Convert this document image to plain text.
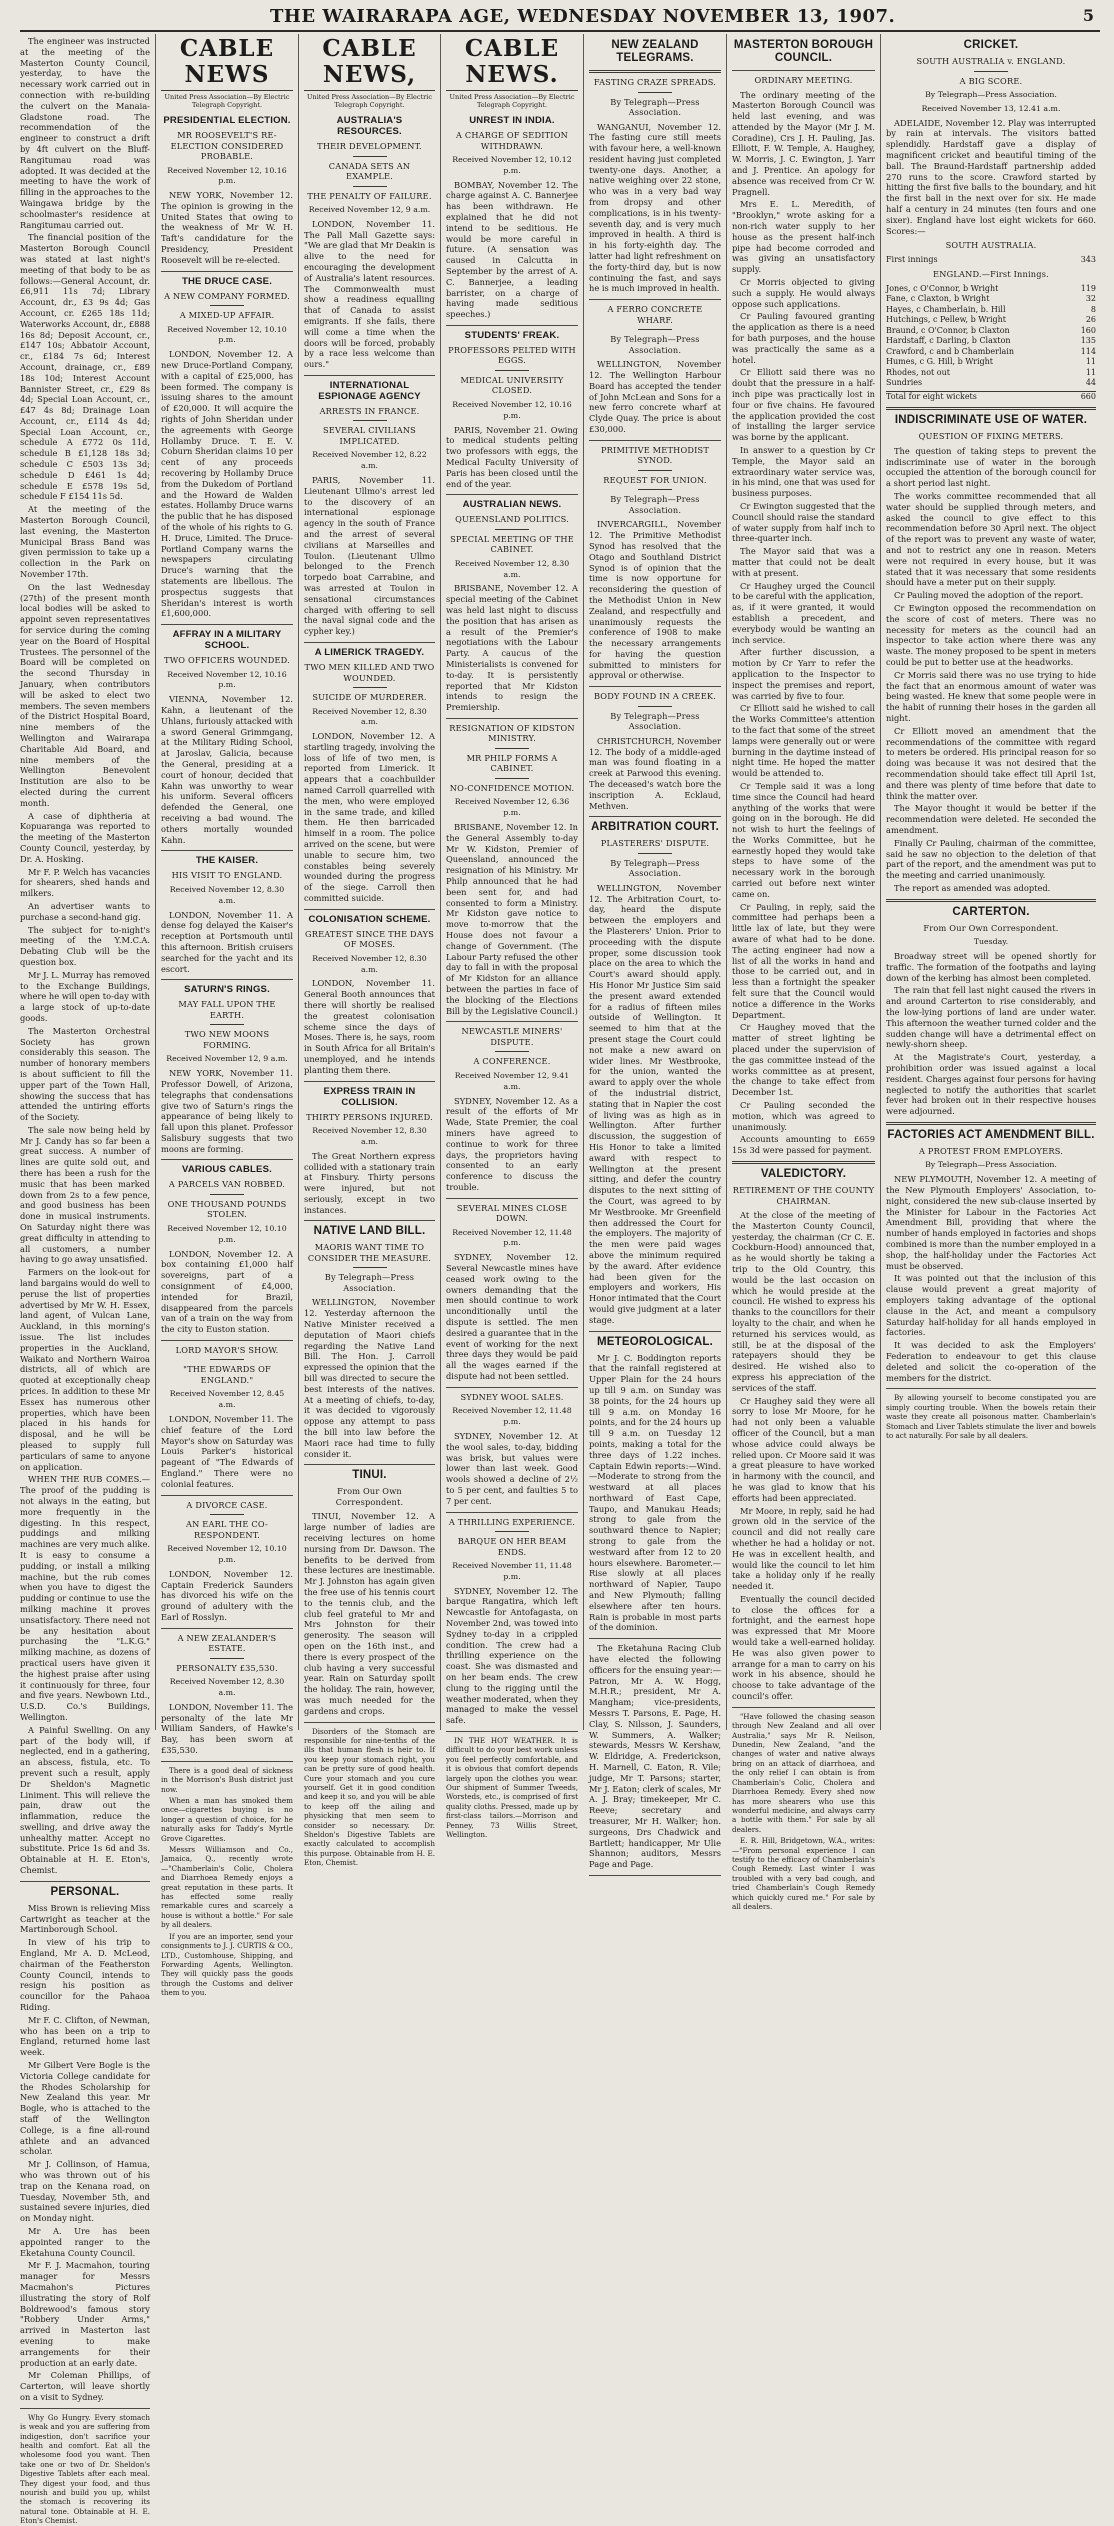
THE WAIRARAPA AGE, WEDNESDAY NOVEMBER 13, 1907.	5

The engineer was instructed at the meeting of the Masterton County Council, yesterday, to have the necessary work carried out in connection with re-building the culvert on the Manaia-Gladstone road. The recommendation of the engineer to construct a drift by 4ft culvert on the Bluff-Rangitumau road was adopted. It was decided at the meeting to have the work of filling in the approaches to the Waingawa bridge by the schoolmaster's residence at Rangitumau carried out.

The financial position of the Masterton Borough Council was stated at last night's meeting of that body to be as follows:—General Account, dr. £6,911 11s 7d; Library Account, dr., £3 9s 4d; Gas Account, cr. £265 18s 11d; Waterworks Account, dr., £888 16s 8d; Deposit Account, cr., £147 10s; Abbatoir Account, cr., £184 7s 6d; Interest Account, drainage, cr., £89 18s 10d; Interest Account Bannister Street, cr., £29 8s 4d; Special Loan Account, cr., £47 4s 8d; Drainage Loan Account, cr., £114 4s 4d; Special Loan Account, cr., schedule A £772 0s 11d, schedule B £1,128 18s 3d; schedule C £503 13s 3d; schedule D £461 1s 4d; schedule E £578 19s 5d, schedule F £154 11s 5d.

At the meeting of the Masterton Borough Council, last evening, the Masterton Municipal Brass Band was given permission to take up a collection in the Park on November 17th.

On the last Wednesday (27th) of the present month local bodies will be asked to appoint seven representatives for service during the coming year on the Board of Hospital Trustees. The personnel of the Board will be completed on the second Thursday in January, when contributors will be asked to elect two members. The seven members of the District Hospital Board, nine members of the Wellington and Wairarapa Charitable Aid Board, and nine members of the Wellington Benevolent Institution are also to be elected during the current month.

A case of diphtheria at Kopuaranga was reported to the meeting of the Masterton County Council, yesterday, by Dr. A. Hosking.

Mr F. P. Welch has vacancies for shearers, shed hands and milkers.

An advertiser wants to purchase a second-hand gig.

The subject for to-night's meeting of the Y.M.C.A. Debating Club will be the question box.

Mr J. L. Murray has removed to the Exchange Buildings, where he will open to-day with a large stock of up-to-date goods.

The Masterton Orchestral Society has grown considerably this season. The number of honorary members is about sufficient to fill the upper part of the Town Hall, showing the success that has attended the untiring efforts of the Society.

The sale now being held by Mr J. Candy has so far been a great success. A number of lines are quite sold out, and there has been a rush for the music that has been marked down from 2s to a few pence, and good business has been done in musical instruments. On Saturday night there was great difficulty in attending to all customers, a number having to go away unsatisfied.

Farmers on the look-out for land bargains would do well to peruse the list of properties advertised by Mr W. H. Essex, land agent, of Vulcan Lane, Auckland, in this morning's issue. The list includes properties in the Auckland, Waikato and Northern Wairoa districts, all of which are quoted at exceptionally cheap prices. In addition to these Mr Essex has numerous other properties, which have been placed in his hands for disposal, and he will be pleased to supply full particulars of same to anyone on application.

WHEN THE RUB COMES.—The proof of the pudding is not always in the eating, but more frequently in the digesting. In this respect, puddings and milking machines are very much alike. It is easy to consume a pudding, or install a milking machine, but the rub comes when you have to digest the pudding or continue to use the milking machine it proves unsatisfactory. There need not be any hesitation about purchasing the "L.K.G." milking machine, as dozens of practical users have given it the highest praise after using it continuously for three, four and five years. Newbown Ltd., U.S.D. Co.'s Buildings, Wellington.

A Painful Swelling. On any part of the body will, if neglected, end in a gathering, an abscess, fistula, etc. To prevent such a result, apply Dr Sheldon's Magnetic Liniment. This will relieve the pain, draw out the inflammation, reduce the swelling, and drive away the unhealthy matter. Accept no substitute. Price 1s 6d and 3s. Obtainable at H. E. Eton's, Chemist.

PERSONAL.

Miss Brown is relieving Miss Cartwright as teacher at the Martinborough School.

In view of his trip to England, Mr A. D. McLeod, chairman of the Featherston County Council, intends to resign his position as councillor for the Pahaoa Riding.

Mr F. C. Clifton, of Newman, who has been on a trip to England, returned home last week.

Mr Gilbert Vere Bogle is the Victoria College candidate for the Rhodes Scholarship for New Zealand this year. Mr Bogle, who is attached to the staff of the Wellington College, is a fine all-round athlete and an advanced scholar.

Mr J. Collinson, of Hamua, who was thrown out of his trap on the Kenana road, on Tuesday, November 5th, and sustained severe injuries, died on Monday night.

Mr A. Ure has been appointed ranger to the Eketahuna County Council.

Mr F. J. Macmahon, touring manager for Messrs Macmahon's Pictures illustrating the story of Rolf Boldrewood's famous story "Robbery Under Arms," arrived in Masterton last evening to make arrangements for their production at an early date.

Mr Coleman Phillips, of Carterton, will leave shortly on a visit to Sydney.

Why Go Hungry. Every stomach is weak and you are suffering from indigestion, don't sacrifice your health and comfort. Eat all the wholesome food you want. Then take one or two of Dr. Sheldon's Digestive Tablets after each meal. They digest your food, and thus nourish and build you up, whilst the stomach is recovering its natural tone. Obtainable at H. E. Eton's Chemist.

CABLE NEWS
United Press Association—By Electric Telegraph Copyright.
PRESIDENTIAL ELECTION.
MR ROOSEVELT'S RE-ELECTION CONSIDERED PROBABLE.
Received November 12, 10.16 p.m.

NEW YORK, November 12. The opinion is growing in the United States that owing to the weakness of Mr W. H. Taft's candidature for the Presidency, President Roosevelt will be re-elected.

THE DRUCE CASE.
A NEW COMPANY FORMED.
A MIXED-UP AFFAIR.
Received November 12, 10.10 p.m.

LONDON, November 12. A new Druce-Portland Company, with a capital of £25,000, has been formed. The company is issuing shares to the amount of £20,000. It will acquire the rights of John Sheridan under the agreements with George Hollamby Druce. T. E. V. Coburn Sheridan claims 10 per cent of any proceeds recovering by Hollamby Druce from the Dukedom of Portland and the Howard de Walden estates. Hollamby Druce warns the public that he has disposed of the whole of his rights to G. H. Druce, Limited. The Druce-Portland Company warns the newspapers circulating Druce's warning that the statements are libellous. The prospectus suggests that Sheridan's interest is worth £1,600,000.

AFFRAY IN A MILITARY SCHOOL.
TWO OFFICERS WOUNDED.
Received November 12, 10.16 p.m.

VIENNA, November 12. Kahn, a lieutenant of the Uhlans, furiously attacked with a sword General Grimmgang, at the Military Riding School, at Jaroslav, Galicia, because the General, presiding at a court of honour, decided that Kahn was unworthy to wear his uniform. Several officers defended the General, one receiving a bad wound. The others mortally wounded Kahn.

THE KAISER.
HIS VISIT TO ENGLAND.
Received November 12, 8.30 a.m.

LONDON, November 11. A dense fog delayed the Kaiser's reception at Portsmouth until this afternoon. British cruisers searched for the yacht and its escort.

SATURN'S RINGS.
MAY FALL UPON THE EARTH.
TWO NEW MOONS FORMING.
Received November 12, 9 a.m.

NEW YORK, November 11. Professor Dowell, of Arizona, telegraphs that condensations give two of Saturn's rings the appearance of being likely to fall upon this planet. Professor Salisbury suggests that two moons are forming.

VARIOUS CABLES.
A PARCELS VAN ROBBED.
ONE THOUSAND POUNDS STOLEN.
Received November 12, 10.10 p.m.

LONDON, November 12. A box containing £1,000 half sovereigns, part of a consignment of £4,000, intended for Brazil, disappeared from the parcels van of a train on the way from the city to Euston station.

LORD MAYOR'S SHOW.
"THE EDWARDS OF ENGLAND."
Received November 12, 8.45 a.m.

LONDON, November 11. The chief feature of the Lord Mayor's show on Saturday was Louis Parker's historical pageant of "The Edwards of England." There were no colonial features.

A DIVORCE CASE.
AN EARL THE CO-RESPONDENT.
Received November 12, 10.10 p.m.

LONDON, November 12. Captain Frederick Saunders has divorced his wife on the ground of adultery with the Earl of Rosslyn.

A NEW ZEALANDER'S ESTATE.
PERSONALTY £35,530.
Received November 12, 8.30 a.m.

LONDON, November 11. The personalty of the late Mr William Sanders, of Hawke's Bay, has been sworn at £35,530.

There is a good deal of sickness in the Morrison's Bush district just now.

When a man has smoked them once—cigarettes buying is no longer a question of choice, for he naturally asks for Taddy's Myrtle Grove Cigarettes.

Messrs Williamson and Co., Jamaica, Q., recently wrote—"Chamberlain's Colic, Cholera and Diarrhoea Remedy enjoys a great reputation in these parts. It has effected some really remarkable cures and scarcely a house is without a bottle." For sale by all dealers.

If you are an importer, send your consignments to J. J. CURTIS & CO., LTD., Customhouse, Shipping, and Forwarding Agents, Wellington. They will quickly pass the goods through the Customs and deliver them to you.

CABLE NEWS,
United Press Association—By Electric Telegraph Copyright.
AUSTRALIA'S RESOURCES.
THEIR DEVELOPMENT.
CANADA SETS AN EXAMPLE.
THE PENALTY OF FAILURE.
Received November 12, 9 a.m.

LONDON, November 11. The Pall Mall Gazette says: "We are glad that Mr Deakin is alive to the need for encouraging the development of Australia's latent resources. The Commonwealth must show a readiness equalling that of Canada to assist emigrants. If she fails, there will come a time when the doors will be forced, probably by a race less welcome than ours."

INTERNATIONAL ESPIONAGE AGENCY
ARRESTS IN FRANCE.
SEVERAL CIVILIANS IMPLICATED.
Received November 12, 8.22 a.m.

PARIS, November 11. Lieutenant Ullmo's arrest led to the discovery of an international espionage agency in the south of France and the arrest of several civilians at Marseilles and Toulon. (Lieutenant Ullmo belonged to the French torpedo boat Carrabine, and was arrested at Toulon in sensational circumstances charged with offering to sell the naval signal code and the cypher key.)

A LIMERICK TRAGEDY.
TWO MEN KILLED AND TWO WOUNDED.
SUICIDE OF MURDERER.
Received November 12, 8.30 a.m.

LONDON, November 12. A startling tragedy, involving the loss of life of two men, is reported from Limerick. It appears that a coachbuilder named Carroll quarrelled with the men, who were employed in the same trade, and killed them. He then barricaded himself in a room. The police arrived on the scene, but were unable to secure him, two constables being severely wounded during the progress of the siege. Carroll then committed suicide.

COLONISATION SCHEME.
GREATEST SINCE THE DAYS OF MOSES.
Received November 12, 8.30 a.m.

LONDON, November 11. General Booth announces that there will shortly be realised the greatest colonisation scheme since the days of Moses. There is, he says, room in South Africa for all Britain's unemployed, and he intends planting them there.

EXPRESS TRAIN IN COLLISION.
THIRTY PERSONS INJURED.
Received November 12, 8.30 a.m.

The Great Northern express collided with a stationary train at Finsbury. Thirty persons were injured, but not seriously, except in two instances.

NATIVE LAND BILL.
MAORIS WANT TIME TO CONSIDER THE MEASURE.
By Telegraph—Press Association.

WELLINGTON, November 12. Yesterday afternoon the Native Minister received a deputation of Maori chiefs regarding the Native Land Bill. The Hon. J. Carroll expressed the opinion that the bill was directed to secure the best interests of the natives. At a meeting of chiefs, to-day, it was decided to vigorously oppose any attempt to pass the bill into law before the Maori race had time to fully consider it.

TINUI.
From Our Own Correspondent.

TINUI, November 12. A large number of ladies are receiving lectures on home nursing from Dr. Dawson. The benefits to be derived from these lectures are inestimable. Mr J. Johnston has again given the free use of his tennis court to the tennis club, and the club feel grateful to Mr and Mrs Johnston for their generosity. The season will open on the 16th inst., and there is every prospect of the club having a very successful year. Rain on Saturday spoilt the holiday. The rain, however, was much needed for the gardens and crops.

Disorders of the Stomach are responsible for nine-tenths of the ills that human flesh is heir to. If you keep your stomach right, you can be pretty sure of good health. Cure your stomach and you cure yourself. Get it in good condition and keep it so, and you will be able to keep off the ailing and physicking that men seem to consider so necessary. Dr. Sheldon's Digestive Tablets are exactly calculated to accomplish this purpose. Obtainable from H. E. Eton, Chemist.

CABLE NEWS.
United Press Association—By Electric Telegraph Copyright.
UNREST IN INDIA.
A CHARGE OF SEDITION WITHDRAWN.
Received November 12, 10.12 p.m.

BOMBAY, November 12. The charge against A. C. Bannerjee has been withdrawn. He explained that he did not intend to be seditious. He would be more careful in future. (A sensation was caused in Calcutta in September by the arrest of A. C. Bannerjee, a leading barrister, on a charge of having made seditious speeches.)

STUDENTS' FREAK.
PROFESSORS PELTED WITH EGGS.
MEDICAL UNIVERSITY CLOSED.
Received November 12, 10.16 p.m.

PARIS, November 21. Owing to medical students pelting two professors with eggs, the Medical Faculty University of Paris has been closed until the end of the year.

AUSTRALIAN NEWS.
QUEENSLAND POLITICS.
SPECIAL MEETING OF THE CABINET.
Received November 12, 8.30 a.m.

BRISBANE, November 12. A special meeting of the Cabinet was held last night to discuss the position that has arisen as a result of the Premier's negotiations with the Labour Party. A caucus of the Ministerialists is convened for to-day. It is persistently reported that Mr Kidston intends to resign the Premiership.

RESIGNATION OF KIDSTON MINISTRY.
MR PHILP FORMS A CABINET.
NO-CONFIDENCE MOTION.
Received November 12, 6.36 p.m.

BRISBANE, November 12. In the General Assembly to-day Mr W. Kidston, Premier of Queensland, announced the resignation of his Ministry. Mr Philp announced that he had been sent for, and had consented to form a Ministry. Mr Kidston gave notice to move to-morrow that the House does not favour a change of Government. (The Labour Party refused the other day to fall in with the proposal of Mr Kidston for an alliance between the parties in face of the blocking of the Elections Bill by the Legislative Council.)

NEWCASTLE MINERS' DISPUTE.
A CONFERENCE.
Received November 12, 9.41 a.m.

SYDNEY, November 12. As a result of the efforts of Mr Wade, State Premier, the coal miners have agreed to continue to work for three days, the proprietors having consented to an early conference to discuss the trouble.

SEVERAL MINES CLOSE DOWN.
Received November 12, 11.48 p.m.

SYDNEY, November 12. Several Newcastle mines have ceased work owing to the owners demanding that the men should continue to work unconditionally until the dispute is settled. The men desired a guarantee that in the event of working for the next three days they would be paid all the wages earned if the dispute had not been settled.

SYDNEY WOOL SALES.
Received November 12, 11.48 p.m.

SYDNEY, November 12. At the wool sales, to-day, bidding was brisk, but values were lower than last week. Good wools showed a decline of 2½ to 5 per cent, and faulties 5 to 7 per cent.

A THRILLING EXPERIENCE.
BARQUE ON HER BEAM ENDS.
Received November 11, 11.48 p.m.

SYDNEY, November 12. The barque Rangatira, which left Newcastle for Antofagasta, on November 2nd, was towed into Sydney to-day in a crippled condition. The crew had a thrilling experience on the coast. She was dismasted and on her beam ends. The crew clung to the rigging until the weather moderated, when they managed to make the vessel safe.

IN THE HOT WEATHER. It is difficult to do your best work unless you feel perfectly comfortable, and it is obvious that comfort depends largely upon the clothes you wear. Our shipment of Summer Tweeds, Worsteds, etc., is comprised of first quality cloths. Pressed, made up by first-class tailors.—Morrison and Penney, 73 Willis Street, Wellington.

NEW ZEALAND TELEGRAMS.
FASTING CRAZE SPREADS.
By Telegraph—Press Association.

WANGANUI, November 12. The fasting cure still meets with favour here, a well-known resident having just completed twenty-one days. Another, a native weighing over 22 stone, who was in a very bad way from dropsy and other complications, is in his twenty-seventh day, and is very much improved in health. A third is in his forty-eighth day. The latter had light refreshment on the forty-third day, but is now continuing the fast, and says he is much improved in health.

A FERRO CONCRETE WHARF.
By Telegraph—Press Association.

WELLINGTON, November 12. The Wellington Harbour Board has accepted the tender of John McLean and Sons for a new ferro concrete wharf at Clyde Quay. The price is about £30,000.

PRIMITIVE METHODIST SYNOD.
REQUEST FOR UNION.
By Telegraph—Press Association.

INVERCARGILL, November 12. The Primitive Methodist Synod has resolved that the Otago and Southland District Synod is of opinion that the time is now opportune for reconsidering the question of the Methodist Union in New Zealand, and respectfully and unanimously requests the conference of 1908 to make the necessary arrangements for having the question submitted to ministers for approval or otherwise.

BODY FOUND IN A CREEK.
By Telegraph—Press Association.

CHRISTCHURCH, November 12. The body of a middle-aged man was found floating in a creek at Parwood this evening. The deceased's watch bore the inscription A. Ecklaud, Methven.

ARBITRATION COURT.
PLASTERERS' DISPUTE.
By Telegraph—Press Association.

WELLINGTON, November 12. The Arbitration Court, to-day, heard the dispute between the employers and the Plasterers' Union. Prior to proceeding with the dispute proper, some discussion took place on the area to which the Court's award should apply. His Honor Mr Justice Sim said the present award extended for a radius of fifteen miles outside of Wellington. It seemed to him that at the present stage the Court could not make a new award on wider lines. Mr Westbrooke, for the union, wanted the award to apply over the whole of the industrial district, stating that in Napier the cost of living was as high as in Wellington. After further discussion, the suggestion of His Honor to take a limited award with respect to Wellington at the present sitting, and defer the country disputes to the next sitting of the Court, was agreed to by Mr Westbrooke. Mr Greenfield then addressed the Court for the employers. The majority of the men were paid wages above the minimum required by the award. After evidence had been given for the employers and workers, His Honor intimated that the Court would give judgment at a later stage.

METEOROLOGICAL.

Mr J. C. Boddington reports that the rainfall registered at Upper Plain for the 24 hours up till 9 a.m. on Sunday was 38 points, for the 24 hours up till 9 a.m. on Monday 16 points, and for the 24 hours up till 9 a.m. on Tuesday 12 points, making a total for the three days of 1.22 inches. Captain Edwin reports:—Wind.—Moderate to strong from the westward at all places northward of East Cape, Taupo, and Manukau Heads; strong to gale from the southward thence to Napier; strong to gale from the westward after from 12 to 20 hours elsewhere. Barometer.—Rise slowly at all places northward of Napier, Taupo and New Plymouth; falling elsewhere after ten hours. Rain is probable in most parts of the dominion.

The Eketahuna Racing Club have elected the following officers for the ensuing year:—Patron, Mr A. W. Hogg, M.H.R.; president, Mr A. Mangham; vice-presidents, Messrs T. Parsons, E. Page, H. Clay, S. Nilsson, J. Saunders, W. Summers, A. Walker; stewards, Messrs W. Kershaw, W. Eldridge, A. Frederickson, H. Marnell, C. Eaton, R. Vile; judge, Mr T. Parsons; starter, Mr J. Eaton; clerk of scales, Mr A. J. Bray; timekeeper, Mr C. Reeve; secretary and treasurer, Mr H. Walker; hon. surgeons, Drs Chadwick and Bartlett; handicapper, Mr Ulie Shannon; auditors, Messrs Page and Page.

MASTERTON BOROUGH COUNCIL.
ORDINARY MEETING.

The ordinary meeting of the Masterton Borough Council was held last evening, and was attended by the Mayor (Mr J. M. Coradine), Crs J. H. Pauling, Jas. Elliott, F. W. Temple, A. Haughey, W. Morris, J. C. Ewington, J. Yarr and J. Prentice. An apology for absence was received from Cr W. Pragnell.

Mrs E. L. Meredith, of "Brooklyn," wrote asking for a non-rich water supply to her house as the present half-inch pipe had become corroded and was giving an unsatisfactory supply.

Cr Morris objected to giving such a supply. He would always oppose such applications.

Cr Pauling favoured granting the application as there is a need for bath purposes, and the house was practically the same as a hotel.

Cr Elliott said there was no doubt that the pressure in a half-inch pipe was practically lost in four or five chains. He favoured the application provided the cost of installing the larger service was borne by the applicant.

In answer to a question by Cr Temple, the Mayor said an extraordinary water service was, in his mind, one that was used for business purposes.

Cr Ewington suggested that the Council should raise the standard of water supply from half inch to three-quarter inch.

The Mayor said that was a matter that could not be dealt with at present.

Cr Haughey urged the Council to be careful with the application, as, if it were granted, it would establish a precedent, and everybody would be wanting an inch service.

After further discussion, a motion by Cr Yarr to refer the application to the Inspector to inspect the premises and report, was carried by five to four.

Cr Elliott said he wished to call the Works Committee's attention to the fact that some of the street lamps were generally out or were burning in the daytime instead of night time. He hoped the matter would be attended to.

Cr Temple said it was a long time since the Council had heard anything of the works that were going on in the borough. He did not wish to hurt the feelings of the Works Committee, but he earnestly hoped they would take steps to have some of the necessary work in the borough carried out before next winter came on.

Cr Pauling, in reply, said the committee had perhaps been a little lax of late, but they were aware of what had to be done. The acting engineer had now a list of all the works in hand and those to be carried out, and in less than a fortnight the speaker felt sure that the Council would notice a difference in the Works Department.

Cr Haughey moved that the matter of street lighting be placed under the supervision of the gas committee instead of the works committee as at present, the change to take effect from December 1st.

Cr Pauling seconded the motion, which was agreed to unanimously.

Accounts amounting to £659 15s 3d were passed for payment.

VALEDICTORY.
RETIREMENT OF THE COUNTY CHAIRMAN.

At the close of the meeting of the Masterton County Council, yesterday, the chairman (Cr C. E. Cockburn-Hood) announced that, as he would shortly be taking a trip to the Old Country, this would be the last occasion on which he would preside at the council. He wished to express his thanks to the councillors for their loyalty to the chair, and when he returned his services would, as still, be at the disposal of the ratepayers should they be desired. He wished also to express his appreciation of the services of the staff.

Cr Haughey said they were all sorry to lose Mr Moore, for he had not only been a valuable officer of the Council, but a man whose advice could always be relied upon. Cr Moore said it was a great pleasure to have worked in harmony with the council, and he was glad to know that his efforts had been appreciated.

Mr Moore, in reply, said he had grown old in the service of the council and did not really care whether he had a holiday or not. He was in excellent health, and would like the council to let him take a holiday only if he really needed it.

Eventually the council decided to close the offices for a fortnight, and the earnest hope was expressed that Mr Moore would take a well-earned holiday. He was also given power to arrange for a man to carry on his work in his absence, should he choose to take advantage of the council's offer.

"Have followed the chasing season through New Zealand and all over Australia," says Mr R. Neilson, Dunedin, New Zealand, "and the changes of water and native always bring on an attack of diarrhoea, and the only relief I can obtain is from Chamberlain's Colic, Cholera and Diarrhoea Remedy. Every shed now has more shearers who use this wonderful medicine, and always carry a bottle with them." For sale by all dealers.

E. R. Hill, Bridgetown, W.A., writes:—"From personal experience I can testify to the efficacy of Chamberlain's Cough Remedy. Last winter I was troubled with a very bad cough, and tried Chamberlain's Cough Remedy which quickly cured me." For sale by all dealers.

CRICKET.
SOUTH AUSTRALIA v. ENGLAND.
A BIG SCORE.
By Telegraph—Press Association.
Received November 13, 12.41 a.m.

ADELAIDE, November 12. Play was interrupted by rain at intervals. The visitors batted splendidly. Hardstaff gave a display of magnificent cricket and beautiful timing of the ball. The Braund-Hardstaff partnership added 270 runs to the score. Crawford started by hitting the first five balls to the boundary, and hit the first ball in the next over for six. He made half a century in 24 minutes (ten fours and one sixer). England have lost eight wickets for 660. Scores:—

SOUTH AUSTRALIA.
First innings	343
ENGLAND.—First Innings.
Jones, c O'Connor, b Wright	119
Fane, c Claxton, b Wright	32
Hayes, c Chamberlain, b. Hill	8
Hutchings, c Pellew, b Wright	26
Braund, c O'Connor, b Claxton	160
Hardstaff, c Darling, b Claxton	135
Crawford, c and b Chamberlain	114
Humes, c G. Hill, b Wright	11
Rhodes, not out	11
Sundries	44
Total for eight wickets	660
INDISCRIMINATE USE OF WATER.
QUESTION OF FIXING METERS.

The question of taking steps to prevent the indiscriminate use of water in the borough occupied the attention of the borough council for a short period last night.

The works committee recommended that all water should be supplied through meters, and asked the council to give effect to this recommendation before 30 April next. The object of the report was to prevent any waste of water, and not to restrict any one in reason. Meters were not required in every house, but it was stated that it was necessary that some residents should have a meter put on their supply.

Cr Pauling moved the adoption of the report.

Cr Ewington opposed the recommendation on the score of cost of meters. There was no necessity for meters as the council had an inspector to take action where there was any waste. The money proposed to be spent in meters could be put to better use at the headworks.

Cr Morris said there was no use trying to hide the fact that an enormous amount of water was being wasted. He knew that some people were in the habit of running their hoses in the garden all night.

Cr Elliott moved an amendment that the recommendations of the committee with regard to meters be ordered. His principal reason for so doing was because it was not desired that the recommendation should take effect till April 1st, and there was plenty of time before that date to think the matter over.

The Mayor thought it would be better if the recommendation were deleted. He seconded the amendment.

Finally Cr Pauling, chairman of the committee, said he saw no objection to the deletion of that part of the report, and the amendment was put to the meeting and carried unanimously.

The report as amended was adopted.

CARTERTON.
From Our Own Correspondent.
Tuesday.

Broadway street will be opened shortly for traffic. The formation of the footpaths and laying down of the kerbing has almost been completed.

The rain that fell last night caused the rivers in and around Carterton to rise considerably, and the low-lying portions of land are under water. This afternoon the weather turned colder and the sudden change will have a detrimental effect on newly-shorn sheep.

At the Magistrate's Court, yesterday, a prohibition order was issued against a local resident. Charges against four persons for having neglected to notify the authorities that scarlet fever had broken out in their respective houses were adjourned.

FACTORIES ACT AMENDMENT BILL.
A PROTEST FROM EMPLOYERS.
By Telegraph—Press Association.

NEW PLYMOUTH, November 12. A meeting of the New Plymouth Employers' Association, to-night, considered the new sub-clause inserted by the Minister for Labour in the Factories Act Amendment Bill, providing that where the number of hands employed in factories and shops combined is more than the number employed in a shop, the half-holiday under the Factories Act must be observed.

It was pointed out that the inclusion of this clause would prevent a great majority of employers taking advantage of the optional clause in the Act, and meant a compulsory Saturday half-holiday for all hands employed in factories.

It was decided to ask the Employers' Federation to endeavour to get this clause deleted and solicit the co-operation of the members for the district.

By allowing yourself to become constipated you are simply courting trouble. When the bowels retain their waste they create all poisonous matter. Chamberlain's Stomach and Liver Tablets stimulate the liver and bowels to act naturally. For sale by all dealers.
